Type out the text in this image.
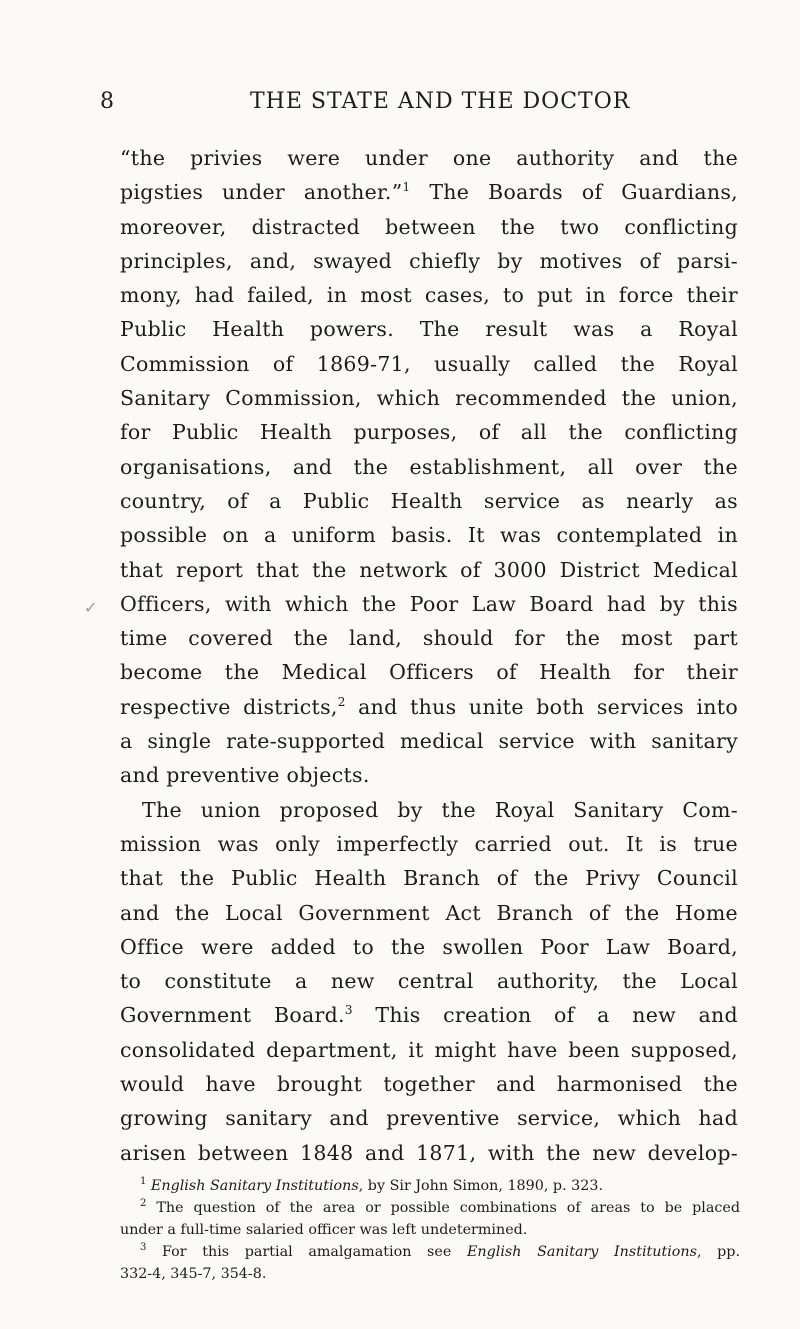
8	THE STATE AND THE DOCTOR
✓
“the privies were under one authority and the
pigsties under another.”$^1$ The Boards of Guardians,
moreover, distracted between the two conflicting
principles, and, swayed chiefly by motives of parsi-
mony, had failed, in most cases, to put in force their
Public Health powers. The result was a Royal
Commission of 1869-71, usually called the Royal
Sanitary Commission, which recommended the union,
for Public Health purposes, of all the conflicting
organisations, and the establishment, all over the
country, of a Public Health service as nearly as
possible on a uniform basis. It was contemplated in
that report that the network of 3000 District Medical
Officers, with which the Poor Law Board had by this
time covered the land, should for the most part
become the Medical Officers of Health for their
respective districts,$^2$ and thus unite both services into
a single rate-supported medical service with sanitary
and preventive objects.
The union proposed by the Royal Sanitary Com-
mission was only imperfectly carried out. It is true
that the Public Health Branch of the Privy Council
and the Local Government Act Branch of the Home
Office were added to the swollen Poor Law Board,
to constitute a new central authority, the Local
Government Board.$^3$ This creation of a new and
consolidated department, it might have been supposed,
would have brought together and harmonised the
growing sanitary and preventive service, which had
arisen between 1848 and 1871, with the new develop-
$^1$ English Sanitary Institutions, by Sir John Simon, 1890, p. 323.
$^2$ The question of the area or possible combinations of areas to be placed
under a full-time salaried officer was left undetermined.
$^3$ For this partial amalgamation see English Sanitary Institutions, pp.
332-4, 345-7, 354-8.
